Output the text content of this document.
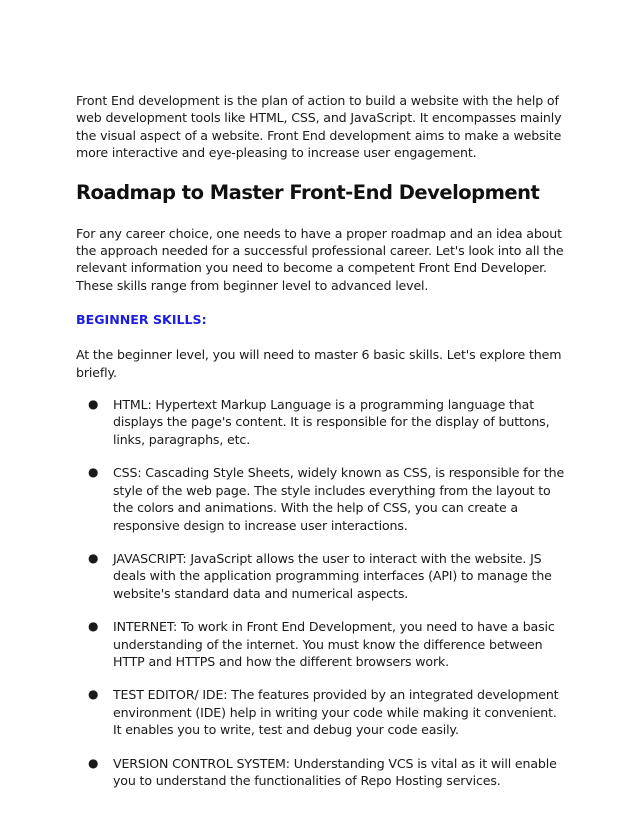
Front End development is the plan of action to build a website with the help of web development tools like HTML, CSS, and JavaScript. It encompasses mainly the visual aspect of a website. Front End development aims to make a website more interactive and eye-pleasing to increase user engagement.

Roadmap to Master Front-End Development

For any career choice, one needs to have a proper roadmap and an idea about the approach needed for a successful professional career. Let's look into all the relevant information you need to become a competent Front End Developer. These skills range from beginner level to advanced level.

BEGINNER SKILLS:

At the beginner level, you will need to master 6 basic skills. Let's explore them briefly.

● HTML: Hypertext Markup Language is a programming language that displays the page's content. It is responsible for the display of buttons, links, paragraphs, etc.
● CSS: Cascading Style Sheets, widely known as CSS, is responsible for the style of the web page. The style includes everything from the layout to the colors and animations. With the help of CSS, you can create a responsive design to increase user interactions.
● JAVASCRIPT: JavaScript allows the user to interact with the website. JS deals with the application programming interfaces (API) to manage the website's standard data and numerical aspects.
● INTERNET: To work in Front End Development, you need to have a basic understanding of the internet. You must know the difference between HTTP and HTTPS and how the different browsers work.
● TEST EDITOR/ IDE: The features provided by an integrated development environment (IDE) help in writing your code while making it convenient. It enables you to write, test and debug your code easily.
● VERSION CONTROL SYSTEM: Understanding VCS is vital as it will enable you to understand the functionalities of Repo Hosting services.
